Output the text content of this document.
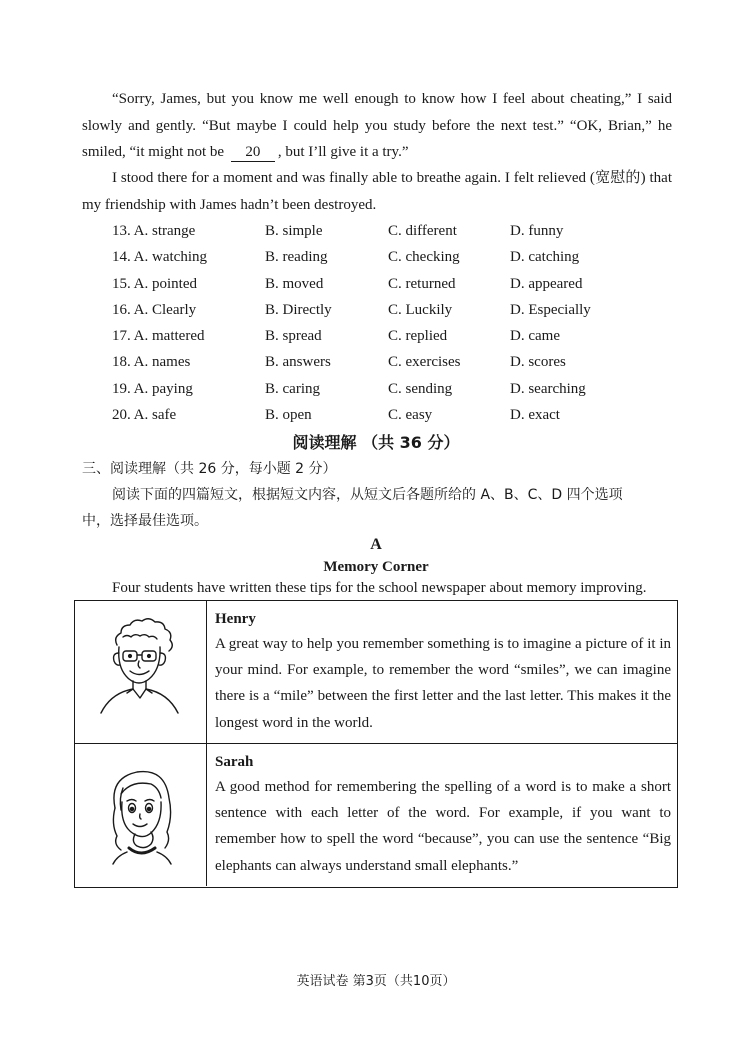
“Sorry, James, but you know me well enough to know how I feel about cheating,” I said slowly and gently. “But maybe I could help you study before the next test.” “OK, Brian,” he smiled, “it might not be 20 , but I’ll give it a try.”

I stood there for a moment and was finally able to breathe again. I felt relieved (宽慰的) that my friendship with James hadn’t been destroyed.

13. A. strange	B. simple	C. different	D. funny
14. A. watching	B. reading	C. checking	D. catching
15. A. pointed	B. moved	C. returned	D. appeared
16. A. Clearly	B. Directly	C. Luckily	D. Especially
17. A. mattered	B. spread	C. replied	D. came
18. A. names	B. answers	C. exercises	D. scores
19. A. paying	B. caring	C. sending	D. searching
20. A. safe	B. open	C. easy	D. exact
阅读理解 （共 36 分）
三、阅读理解（共 26 分，每小题 2 分）
阅读下面的四篇短文，根据短文内容，从短文后各题所给的 A、B、C、D 四个选项
中，选择最佳选项。
A
Memory Corner
Four students have written these tips for the school newspaper about memory improving.

Henry

A great way to help you remember something is to imagine a picture of it in your mind. For example, to remember the word “smiles”, we can imagine there is a “mile” between the first letter and the last letter. This makes it the longest word in the world.

Sarah

A good method for remembering the spelling of a word is to make a short sentence with each letter of the word. For example, if you want to remember how to spell the word “because”, you can use the sentence “Big elephants can always understand small elephants.”

英语试卷 第3页（共10页）
